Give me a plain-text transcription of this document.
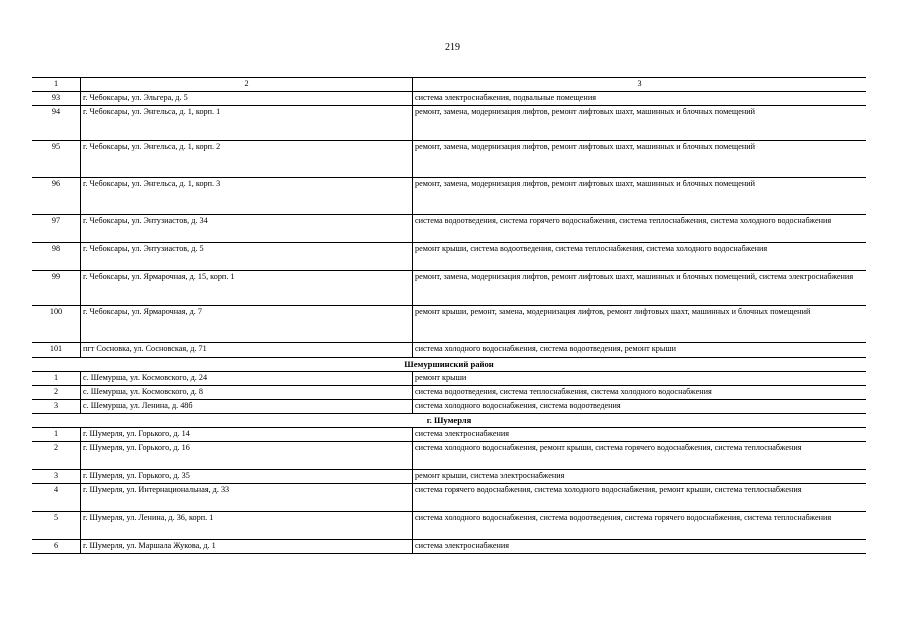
219
1	2	3
93	г. Чебоксары, ул. Эльгера, д. 5	система электроснабжения, подвальные помещения
94	г. Чебоксары, ул. Энгельса, д. 1, корп. 1	ремонт, замена, модернизация лифтов, ремонт лифтовых шахт, машинных и блочных помещений
95	г. Чебоксары, ул. Энгельса, д. 1, корп. 2	ремонт, замена, модернизация лифтов, ремонт лифтовых шахт, машинных и блочных помещений
96	г. Чебоксары, ул. Энгельса, д. 1, корп. 3	ремонт, замена, модернизация лифтов, ремонт лифтовых шахт, машинных и блочных помещений
97	г. Чебоксары, ул. Энтузиастов, д. 34	система водоотведения, система горячего водоснабжения, система теплоснабжения, система холодного водоснабжения
98	г. Чебоксары, ул. Энтузиастов, д. 5	ремонт крыши, система водоотведения, система теплоснабжения, система холодного водоснабжения
99	г. Чебоксары, ул. Ярмарочная, д. 15, корп. 1	ремонт, замена, модернизация лифтов, ремонт лифтовых шахт, машинных и блочных помещений, система электроснабжения
100	г. Чебоксары, ул. Ярмарочная, д. 7	ремонт крыши, ремонт, замена, модернизация лифтов, ремонт лифтовых шахт, машинных и блочных помещений
101	пгт Сосновка, ул. Сосновская, д. 71	система холодного водоснабжения, система водоотведения, ремонт крыши
Шемуршинский район		
1	с. Шемурша, ул. Космовского, д. 24	ремонт крыши
2	с. Шемурша, ул. Космовского, д. 8	система водоотведения, система теплоснабжения, система холодного водоснабжения
3	с. Шемурша, ул. Ленина, д. 48б	система холодного водоснабжения, система водоотведения
г. Шумерля		
1	г. Шумерля, ул. Горького, д. 14	система электроснабжения
2	г. Шумерля, ул. Горького, д. 16	система холодного водоснабжения, ремонт крыши, система горячего водоснабжения, система теплоснабжения
3	г. Шумерля, ул. Горького, д. 35	ремонт крыши, система электроснабжения
4	г. Шумерля, ул. Интернациональная, д. 33	система горячего водоснабжения, система холодного водоснабжения, ремонт крыши, система теплоснабжения
5	г. Шумерля, ул. Ленина, д. 36, корп. 1	система холодного водоснабжения, система водоотведения, система горячего водоснабжения, система теплоснабжения
6	г. Шумерля, ул. Маршала Жукова, д. 1	система электроснабжения
